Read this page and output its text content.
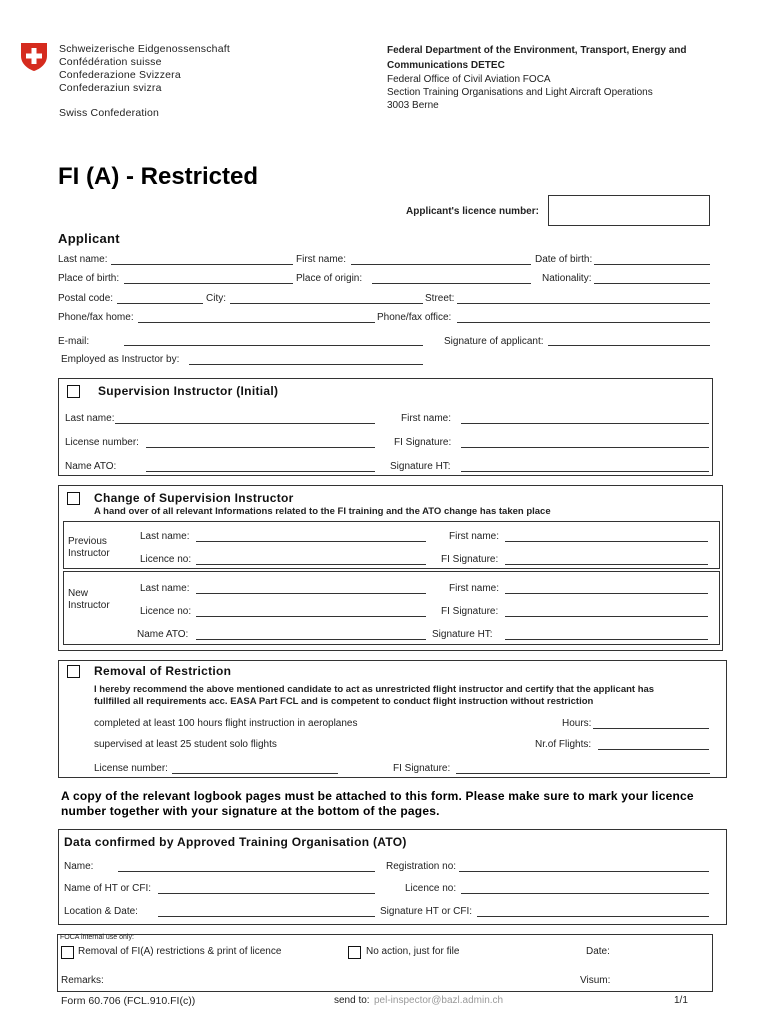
Schweizerische Eidgenossenschaft
Confédération suisse
Confederazione Svizzera
Confederaziun svizra
Swiss Confederation
Federal Department of the Environment, Transport, Energy and
Communications DETEC
Federal Office of Civil Aviation FOCA
Section Training Organisations and Light Aircraft Operations
3003 Berne
FI (A) - Restricted
Applicant's licence number:
Applicant
Last name:	First name:	Date of birth:
Place of birth:	Place of origin:	Nationality:
Postal code:	City:	Street:
Phone/fax home:	Phone/fax office:
E-mail:	Signature of applicant:
Employed as Instructor by:
Supervision Instructor (Initial)
Last name:	First name:
License number:	FI Signature:
Name ATO:	Signature HT:
Change of Supervision Instructor
A hand over of all relevant Informations related to the FI training and the ATO change has taken place
Previous
Instructor
Last name:	First name:
Licence no:	FI Signature:
New
Instructor
Last name:	First name:
Licence no:	FI Signature:
Name ATO:	Signature HT:
Removal of Restriction
I hereby recommend the above mentioned candidate to act as unrestricted flight instructor and certify that the applicant has
fullfilled all requirements acc. EASA Part FCL and is competent to conduct flight instruction without restriction
completed at least 100 hours flight instruction in aeroplanes	Hours:
supervised at least 25 student solo flights	Nr.of Flights:
License number:	FI Signature:
A copy of the relevant logbook pages must be attached to this form. Please make sure to mark your licence
number together with your signature at the bottom of the pages.
Data confirmed by Approved Training Organisation (ATO)
Name:	Registration no:
Name of HT or CFI:	Licence no:
Location & Date:	Signature HT or CFI:
FOCA internal use only:
Removal of FI(A) restrictions & print of licence	No action, just for file	Date:
Remarks:	Visum:
Form 60.706 (FCL.910.FI(c))	send to: pel-inspector@bazl.admin.ch	1/1
